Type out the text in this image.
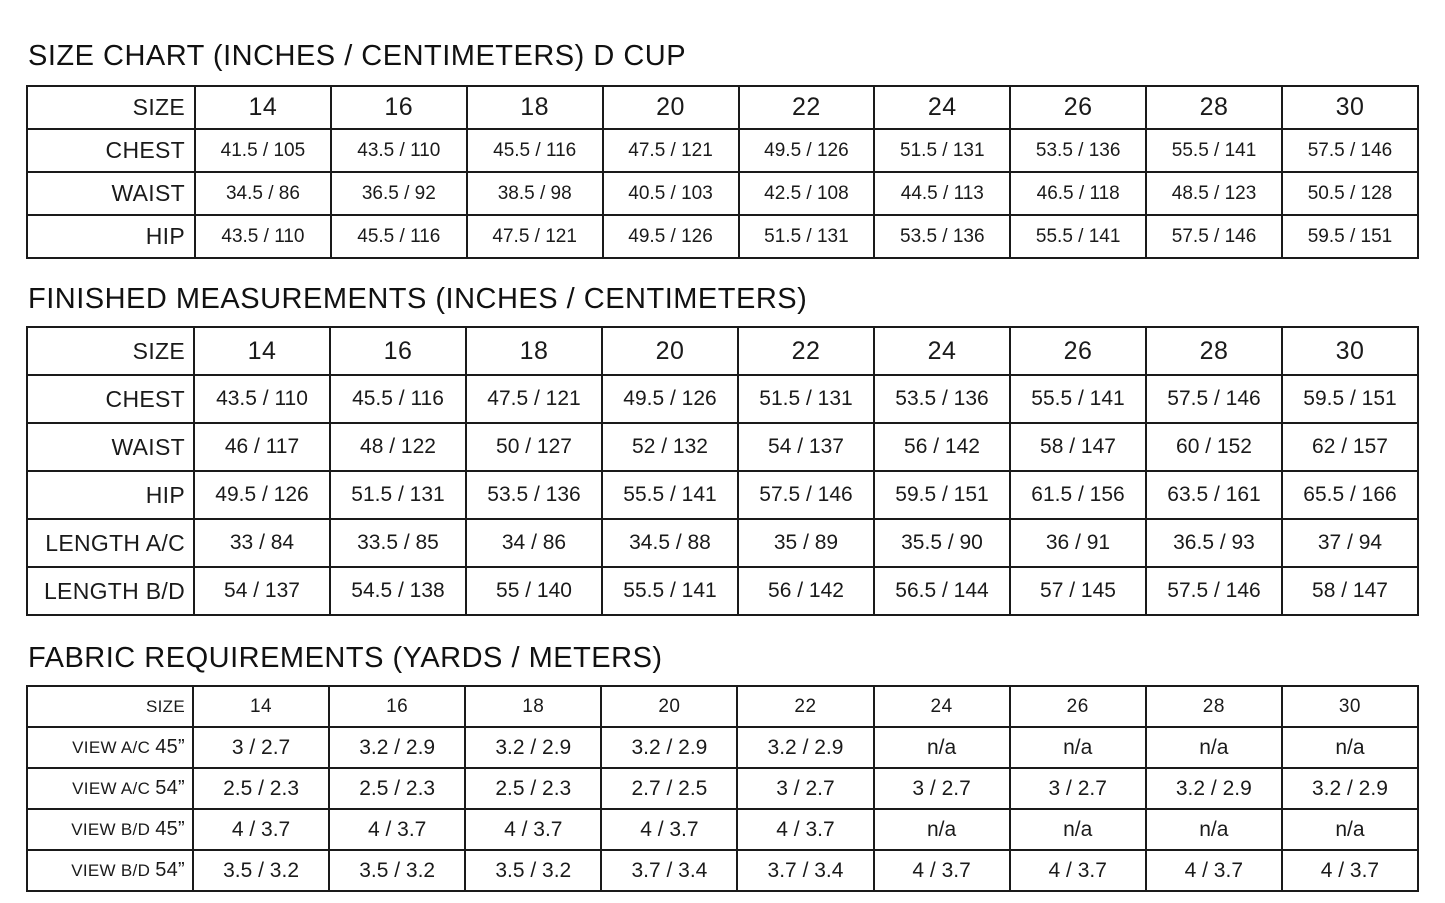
SIZE CHART (INCHES / CENTIMETERS) D CUP
SIZE	14	16	18	20	22	24	26	28	30
CHEST	41.5 / 105	43.5 / 110	45.5 / 116	47.5 / 121	49.5 / 126	51.5 / 131	53.5 / 136	55.5 / 141	57.5 / 146
WAIST	34.5 / 86	36.5 / 92	38.5 / 98	40.5 / 103	42.5 / 108	44.5 / 113	46.5 / 118	48.5 / 123	50.5 / 128
HIP	43.5 / 110	45.5 / 116	47.5 / 121	49.5 / 126	51.5 / 131	53.5 / 136	55.5 / 141	57.5 / 146	59.5 / 151
FINISHED MEASUREMENTS (INCHES / CENTIMETERS)
SIZE	14	16	18	20	22	24	26	28	30
CHEST	43.5 / 110	45.5 / 116	47.5 / 121	49.5 / 126	51.5 / 131	53.5 / 136	55.5 / 141	57.5 / 146	59.5 / 151
WAIST	46 / 117	48 / 122	50 / 127	52 / 132	54 / 137	56 / 142	58 / 147	60 / 152	62 / 157
HIP	49.5 / 126	51.5 / 131	53.5 / 136	55.5 / 141	57.5 / 146	59.5 / 151	61.5 / 156	63.5 / 161	65.5 / 166
LENGTH A/C	33 / 84	33.5 / 85	34 / 86	34.5 / 88	35 / 89	35.5 / 90	36 / 91	36.5 / 93	37 / 94
LENGTH B/D	54 / 137	54.5 / 138	55 / 140	55.5 / 141	56 / 142	56.5 / 144	57 / 145	57.5 / 146	58 / 147
FABRIC REQUIREMENTS (YARDS / METERS)
SIZE	14	16	18	20	22	24	26	28	30
VIEW A/C 45”	3 / 2.7	3.2 / 2.9	3.2 / 2.9	3.2 / 2.9	3.2 / 2.9	n/a	n/a	n/a	n/a
VIEW A/C 54”	2.5 / 2.3	2.5 / 2.3	2.5 / 2.3	2.7 / 2.5	3 / 2.7	3 / 2.7	3 / 2.7	3.2 / 2.9	3.2 / 2.9
VIEW B/D 45”	4 / 3.7	4 / 3.7	4 / 3.7	4 / 3.7	4 / 3.7	n/a	n/a	n/a	n/a
VIEW B/D 54”	3.5 / 3.2	3.5 / 3.2	3.5 / 3.2	3.7 / 3.4	3.7 / 3.4	4 / 3.7	4 / 3.7	4 / 3.7	4 / 3.7
